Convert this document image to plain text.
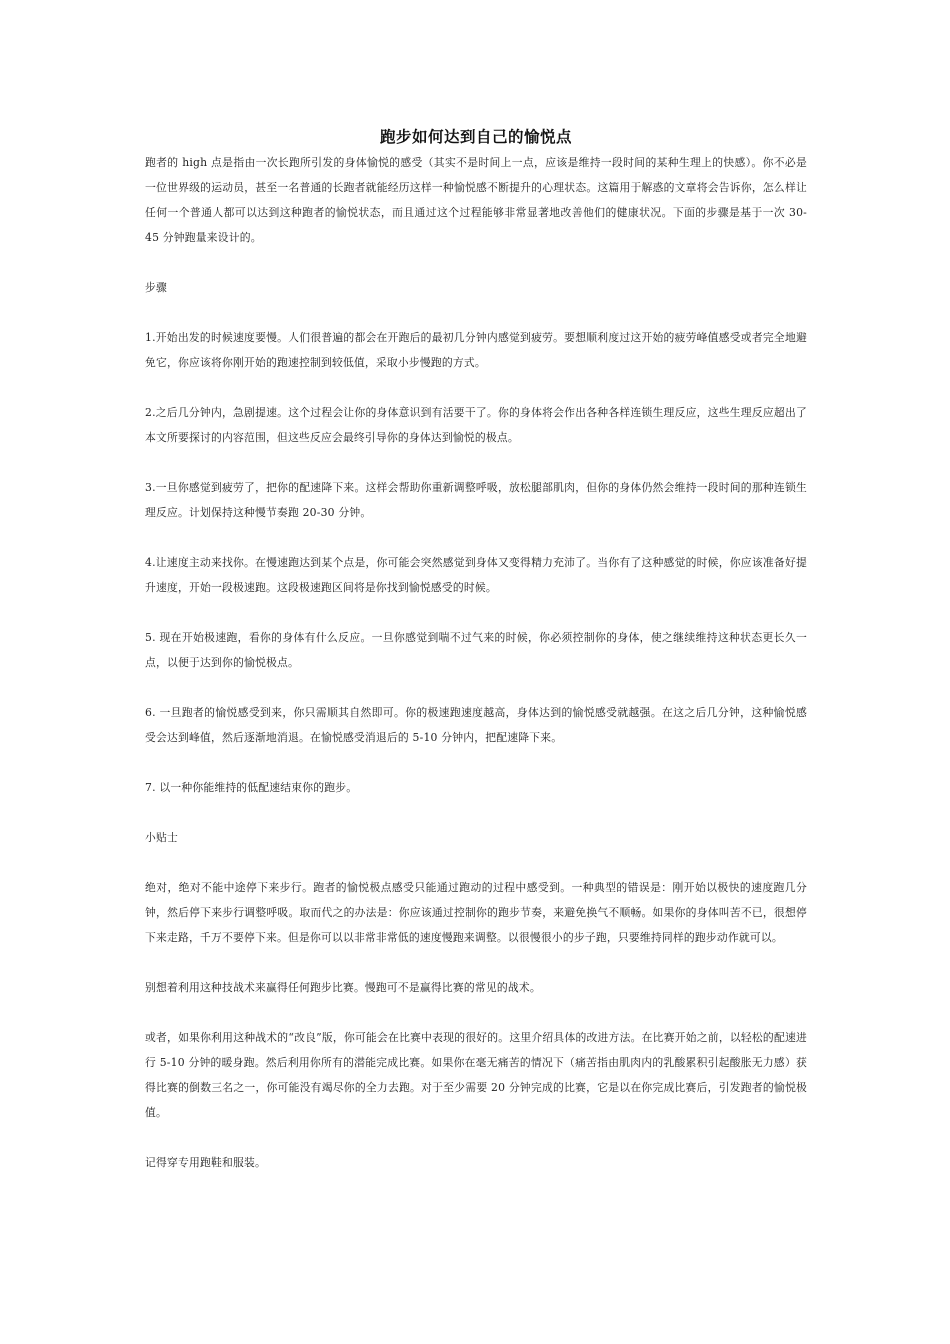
跑步如何达到自己的愉悦点

跑者的 high 点是指由一次长跑所引发的身体愉悦的感受（其实不是时间上一点，应该是维持一段时间的某种生理上的快感）。你不必是一位世界级的运动员，甚至一名普通的长跑者就能经历这样一种愉悦感不断提升的心理状态。这篇用于解惑的文章将会告诉你，怎么样让任何一个普通人都可以达到这种跑者的愉悦状态，而且通过这个过程能够非常显著地改善他们的健康状况。下面的步骤是基于一次 30-45 分钟跑量来设计的。

步骤

1.开始出发的时候速度要慢。人们很普遍的都会在开跑后的最初几分钟内感觉到疲劳。要想顺利度过这开始的疲劳峰值感受或者完全地避免它，你应该将你刚开始的跑速控制到较低值，采取小步慢跑的方式。

2.之后几分钟内，急剧提速。这个过程会让你的身体意识到有活要干了。你的身体将会作出各种各样连锁生理反应，这些生理反应超出了本文所要探讨的内容范围，但这些反应会最终引导你的身体达到愉悦的极点。

3.一旦你感觉到疲劳了，把你的配速降下来。这样会帮助你重新调整呼吸，放松腿部肌肉，但你的身体仍然会维持一段时间的那种连锁生理反应。计划保持这种慢节奏跑 20-30 分钟。

4.让速度主动来找你。在慢速跑达到某个点是，你可能会突然感觉到身体又变得精力充沛了。当你有了这种感觉的时候，你应该准备好提升速度，开始一段极速跑。这段极速跑区间将是你找到愉悦感受的时候。

5. 现在开始极速跑，看你的身体有什么反应。一旦你感觉到喘不过气来的时候，你必须控制你的身体，使之继续维持这种状态更长久一点，以便于达到你的愉悦极点。

6. 一旦跑者的愉悦感受到来，你只需顺其自然即可。你的极速跑速度越高，身体达到的愉悦感受就越强。在这之后几分钟，这种愉悦感受会达到峰值，然后逐渐地消退。在愉悦感受消退后的 5-10 分钟内，把配速降下来。

7. 以一种你能维持的低配速结束你的跑步。

小贴士

绝对，绝对不能中途停下来步行。跑者的愉悦极点感受只能通过跑动的过程中感受到。一种典型的错误是：刚开始以极快的速度跑几分钟，然后停下来步行调整呼吸。取而代之的办法是：你应该通过控制你的跑步节奏，来避免换气不顺畅。如果你的身体叫苦不已，很想停下来走路，千万不要停下来。但是你可以以非常非常低的速度慢跑来调整。以很慢很小的步子跑，只要维持同样的跑步动作就可以。

别想着利用这种技战术来赢得任何跑步比赛。慢跑可不是赢得比赛的常见的战术。

或者，如果你利用这种战术的“改良”版，你可能会在比赛中表现的很好的。这里介绍具体的改进方法。在比赛开始之前，以轻松的配速进行 5-10 分钟的暖身跑。然后利用你所有的潜能完成比赛。如果你在毫无痛苦的情况下（痛苦指由肌肉内的乳酸累积引起酸胀无力感）获得比赛的倒数三名之一，你可能没有竭尽你的全力去跑。对于至少需要 20 分钟完成的比赛，它是以在你完成比赛后，引发跑者的愉悦极值。

记得穿专用跑鞋和服装。
